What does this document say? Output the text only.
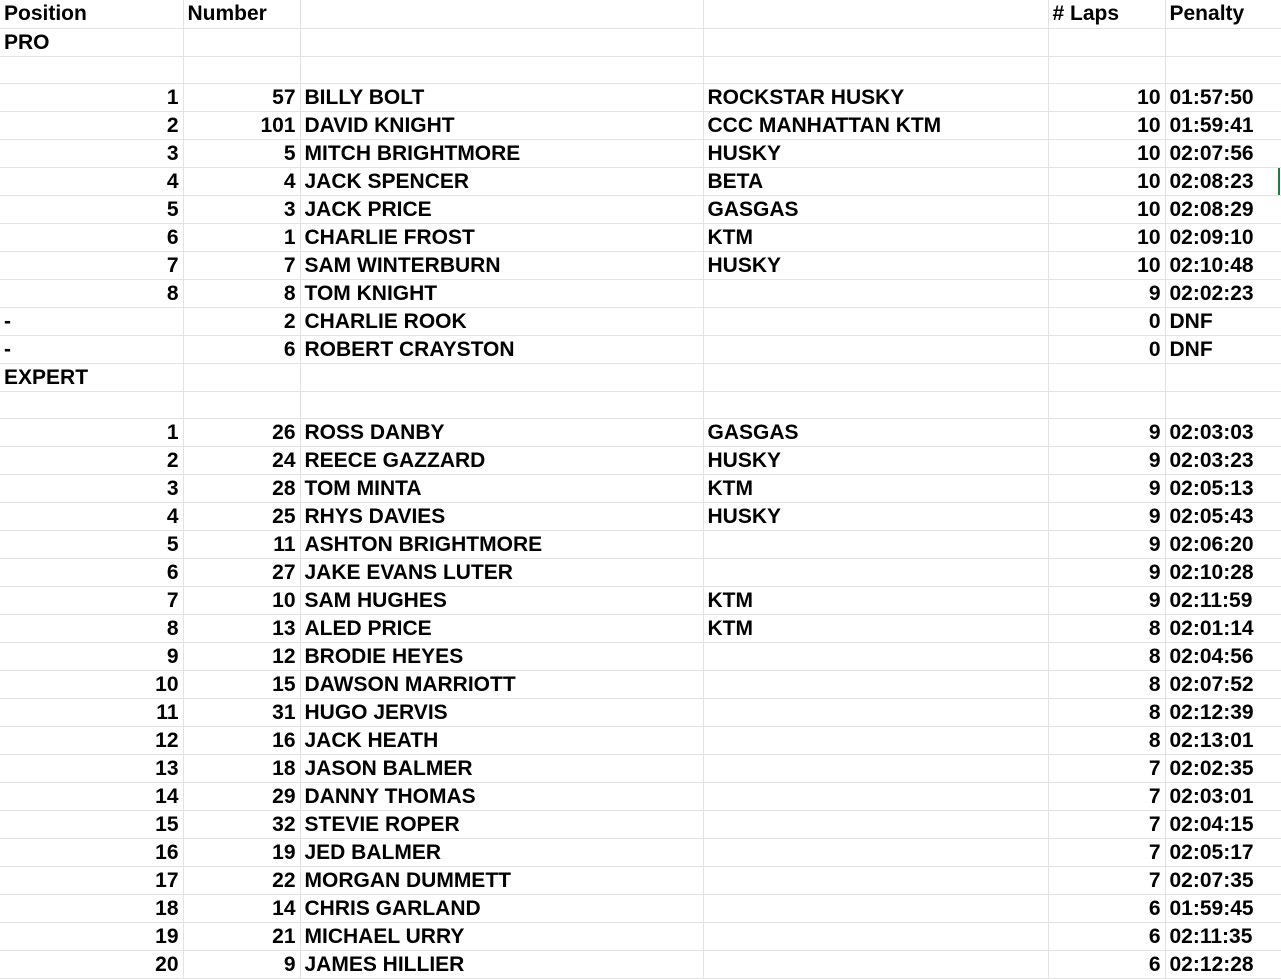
Position	Number			# Laps	Penalty
PRO					

1	57	BILLY BOLT	ROCKSTAR HUSKY	10	01:57:50
2	101	DAVID KNIGHT	CCC MANHATTAN KTM	10	01:59:41
3	5	MITCH BRIGHTMORE	HUSKY	10	02:07:56
4	4	JACK SPENCER	BETA	10	02:08:23
5	3	JACK PRICE	GASGAS	10	02:08:29
6	1	CHARLIE FROST	KTM	10	02:09:10
7	7	SAM WINTERBURN	HUSKY	10	02:10:48
8	8	TOM KNIGHT		9	02:02:23
-	2	CHARLIE ROOK		0	DNF
-	6	ROBERT CRAYSTON		0	DNF
EXPERT					

1	26	ROSS DANBY	GASGAS	9	02:03:03
2	24	REECE GAZZARD	HUSKY	9	02:03:23
3	28	TOM MINTA	KTM	9	02:05:13
4	25	RHYS DAVIES	HUSKY	9	02:05:43
5	11	ASHTON BRIGHTMORE		9	02:06:20
6	27	JAKE EVANS LUTER		9	02:10:28
7	10	SAM HUGHES	KTM	9	02:11:59
8	13	ALED PRICE	KTM	8	02:01:14
9	12	BRODIE HEYES		8	02:04:56
10	15	DAWSON MARRIOTT		8	02:07:52
11	31	HUGO JERVIS		8	02:12:39
12	16	JACK HEATH		8	02:13:01
13	18	JASON BALMER		7	02:02:35
14	29	DANNY THOMAS		7	02:03:01
15	32	STEVIE ROPER		7	02:04:15
16	19	JED BALMER		7	02:05:17
17	22	MORGAN DUMMETT		7	02:07:35
18	14	CHRIS GARLAND		6	01:59:45
19	21	MICHAEL URRY		6	02:11:35
20	9	JAMES HILLIER		6	02:12:28
